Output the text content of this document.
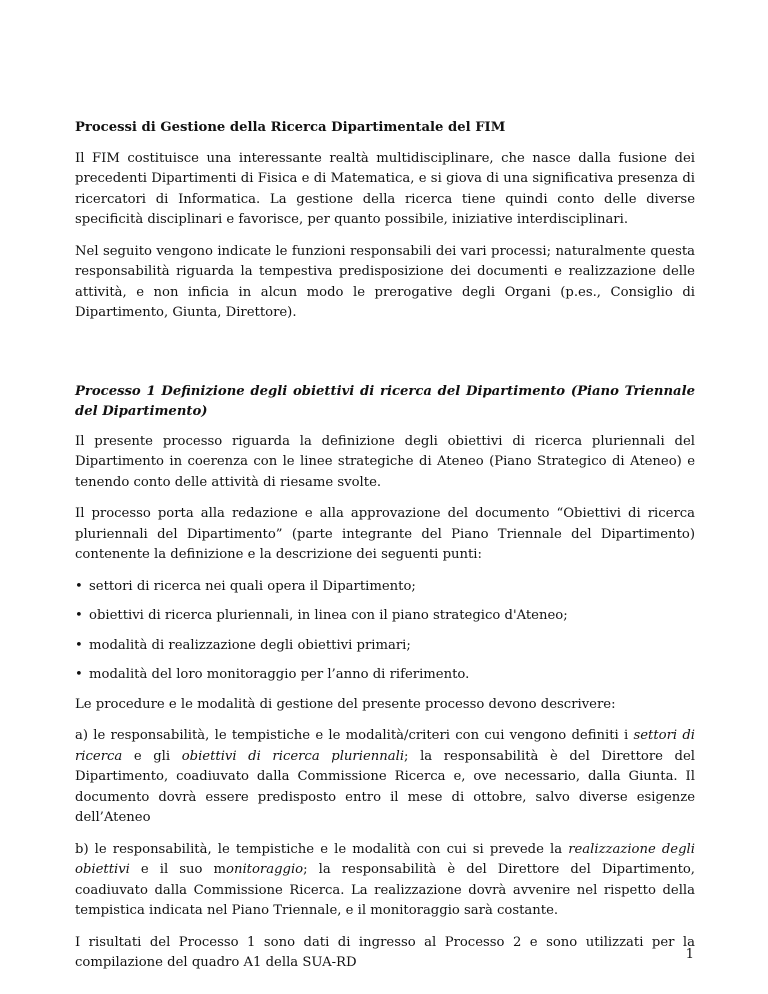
Processi di Gestione della Ricerca Dipartimentale del FIM

Il FIM costituisce una interessante realtà multidisciplinare, che nasce dalla fusione dei precedenti Dipartimenti di Fisica e di Matematica, e si giova di una significativa presenza di ricercatori di Informatica. La gestione della ricerca tiene quindi conto delle diverse specificità disciplinari e favorisce, per quanto possibile, iniziative interdisciplinari.

Nel seguito vengono indicate le funzioni responsabili dei vari processi; naturalmente questa responsabilità riguarda la tempestiva predisposizione dei documenti e realizzazione delle attività, e non inficia in alcun modo le prerogative degli Organi (p.es., Consiglio di Dipartimento, Giunta, Direttore).

Processo 1 Definizione degli obiettivi di ricerca del Dipartimento (Piano Triennale del Dipartimento)

Il presente processo riguarda la definizione degli obiettivi di ricerca pluriennali del Dipartimento in coerenza con le linee strategiche di Ateneo (Piano Strategico di Ateneo) e tenendo conto delle attività di riesame svolte.

Il processo porta alla redazione e alla approvazione del documento “Obiettivi di ricerca pluriennali del Dipartimento” (parte integrante del Piano Triennale del Dipartimento) contenente la definizione e la descrizione dei seguenti punti:

• settori di ricerca nei quali opera il Dipartimento;
• obiettivi di ricerca pluriennali, in linea con il piano strategico d'Ateneo;
• modalità di realizzazione degli obiettivi primari;
• modalità del loro monitoraggio per l’anno di riferimento.

Le procedure e le modalità di gestione del presente processo devono descrivere:

a) le responsabilità, le tempistiche e le modalità/criteri con cui vengono definiti i settori di ricerca e gli obiettivi di ricerca pluriennali; la responsabilità è del Direttore del Dipartimento, coadiuvato dalla Commissione Ricerca e, ove necessario, dalla Giunta. Il documento dovrà essere predisposto entro il mese di ottobre, salvo diverse esigenze dell’Ateneo

b) le responsabilità, le tempistiche e le modalità con cui si prevede la realizzazione degli obiettivi e il suo monitoraggio; la responsabilità è del Direttore del Dipartimento, coadiuvato dalla Commissione Ricerca. La realizzazione dovrà avvenire nel rispetto della tempistica indicata nel Piano Triennale, e il monitoraggio sarà costante.

I risultati del Processo 1 sono dati di ingresso al Processo 2 e sono utilizzati per la compilazione del quadro A1 della SUA-RD

1
